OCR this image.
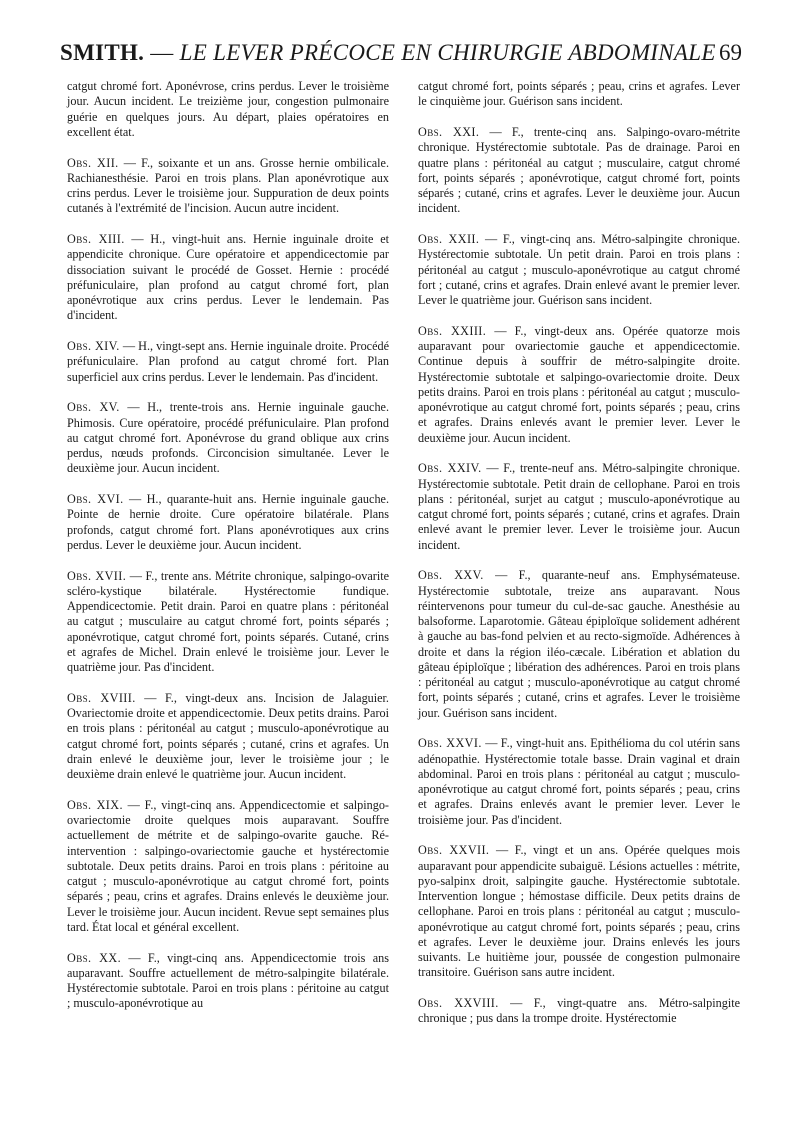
SMITH. — LE LEVER PRÉCOCE EN CHIRURGIE ABDOMINALE 69

catgut chromé fort. Aponévrose, crins perdus. Lever le troisième jour. Aucun incident. Le treizième jour, congestion pulmonaire guérie en quelques jours. Au départ, plaies opératoires en excellent état.

Obs. XII. — F., soixante et un ans. Grosse hernie ombilicale. Rachianesthésie. Paroi en trois plans. Plan aponévrotique aux crins perdus. Lever le troisième jour. Suppuration de deux points cutanés à l'extrémité de l'incision. Aucun autre incident.

Obs. XIII. — H., vingt-huit ans. Hernie inguinale droite et appendicite chronique. Cure opératoire et appendicectomie par dissociation suivant le procédé de Gosset. Hernie : procédé préfuniculaire, plan profond au catgut chromé fort, plan aponévrotique aux crins perdus. Lever le lendemain. Pas d'incident.

Obs. XIV. — H., vingt-sept ans. Hernie inguinale droite. Procédé préfuniculaire. Plan profond au catgut chromé fort. Plan superficiel aux crins perdus. Lever le lendemain. Pas d'incident.

Obs. XV. — H., trente-trois ans. Hernie inguinale gauche. Phimosis. Cure opératoire, procédé préfuniculaire. Plan profond au catgut chromé fort. Aponévrose du grand oblique aux crins perdus, nœuds profonds. Circoncision simultanée. Lever le deuxième jour. Aucun incident.

Obs. XVI. — H., quarante-huit ans. Hernie inguinale gauche. Pointe de hernie droite. Cure opératoire bilatérale. Plans profonds, catgut chromé fort. Plans aponévrotiques aux crins perdus. Lever le deuxième jour. Aucun incident.

Obs. XVII. — F., trente ans. Métrite chronique, salpingo-ovarite scléro-kystique bilatérale. Hystérectomie fundique. Appendicectomie. Petit drain. Paroi en quatre plans : péritonéal au catgut ; musculaire au catgut chromé fort, points séparés ; aponévrotique, catgut chromé fort, points séparés. Cutané, crins et agrafes de Michel. Drain enlevé le troisième jour. Lever le quatrième jour. Pas d'incident.

Obs. XVIII. — F., vingt-deux ans. Incision de Jalaguier. Ovariectomie droite et appendicectomie. Deux petits drains. Paroi en trois plans : péritonéal au catgut ; musculo-aponévrotique au catgut chromé fort, points séparés ; cutané, crins et agrafes. Un drain enlevé le deuxième jour, lever le troisième jour ; le deuxième drain enlevé le quatrième jour. Aucun incident.

Obs. XIX. — F., vingt-cinq ans. Appendicectomie et salpingo-ovariectomie droite quelques mois auparavant. Souffre actuellement de métrite et de salpingo-ovarite gauche. Ré-intervention : salpingo-ovariectomie gauche et hystérectomie subtotale. Deux petits drains. Paroi en trois plans : péritoine au catgut ; musculo-aponévrotique au catgut chromé fort, points séparés ; peau, crins et agrafes. Drains enlevés le deuxième jour. Lever le troisième jour. Aucun incident. Revue sept semaines plus tard. État local et général excellent.

Obs. XX. — F., vingt-cinq ans. Appendicectomie trois ans auparavant. Souffre actuellement de métro-salpingite bilatérale. Hystérectomie subtotale. Paroi en trois plans : péritoine au catgut ; musculo-aponévrotique au

catgut chromé fort, points séparés ; peau, crins et agrafes. Lever le cinquième jour. Guérison sans incident.

Obs. XXI. — F., trente-cinq ans. Salpingo-ovaro-métrite chronique. Hystérectomie subtotale. Pas de drainage. Paroi en quatre plans : péritonéal au catgut ; musculaire, catgut chromé fort, points séparés ; aponévrotique, catgut chromé fort, points séparés ; cutané, crins et agrafes. Lever le deuxième jour. Aucun incident.

Obs. XXII. — F., vingt-cinq ans. Métro-salpingite chronique. Hystérectomie subtotale. Un petit drain. Paroi en trois plans : péritonéal au catgut ; musculo-aponévrotique au catgut chromé fort ; cutané, crins et agrafes. Drain enlevé avant le premier lever. Lever le quatrième jour. Guérison sans incident.

Obs. XXIII. — F., vingt-deux ans. Opérée quatorze mois auparavant pour ovariectomie gauche et appendicectomie. Continue depuis à souffrir de métro-salpingite droite. Hystérectomie subtotale et salpingo-ovariectomie droite. Deux petits drains. Paroi en trois plans : péritonéal au catgut ; musculo-aponévrotique au catgut chromé fort, points séparés ; peau, crins et agrafes. Drains enlevés avant le premier lever. Lever le deuxième jour. Aucun incident.

Obs. XXIV. — F., trente-neuf ans. Métro-salpingite chronique. Hystérectomie subtotale. Petit drain de cellophane. Paroi en trois plans : péritonéal, surjet au catgut ; musculo-aponévrotique au catgut chromé fort, points séparés ; cutané, crins et agrafes. Drain enlevé avant le premier lever. Lever le troisième jour. Aucun incident.

Obs. XXV. — F., quarante-neuf ans. Emphysémateuse. Hystérectomie subtotale, treize ans auparavant. Nous réintervenons pour tumeur du cul-de-sac gauche. Anesthésie au balsoforme. Laparotomie. Gâteau épiploïque solidement adhérent à gauche au bas-fond pelvien et au recto-sigmoïde. Adhérences à droite et dans la région iléo-cæcale. Libération et ablation du gâteau épiploïque ; libération des adhérences. Paroi en trois plans : péritonéal au catgut ; musculo-aponévrotique au catgut chromé fort, points séparés ; cutané, crins et agrafes. Lever le troisième jour. Guérison sans incident.

Obs. XXVI. — F., vingt-huit ans. Epithélioma du col utérin sans adénopathie. Hystérectomie totale basse. Drain vaginal et drain abdominal. Paroi en trois plans : péritonéal au catgut ; musculo-aponévrotique au catgut chromé fort, points séparés ; peau, crins et agrafes. Drains enlevés avant le premier lever. Lever le troisième jour. Pas d'incident.

Obs. XXVII. — F., vingt et un ans. Opérée quelques mois auparavant pour appendicite subaiguë. Lésions actuelles : métrite, pyo-salpinx droit, salpingite gauche. Hystérectomie subtotale. Intervention longue ; hémostase difficile. Deux petits drains de cellophane. Paroi en trois plans : péritonéal au catgut ; musculo-aponévrotique au catgut chromé fort, points séparés ; peau, crins et agrafes. Lever le deuxième jour. Drains enlevés les jours suivants. Le huitième jour, poussée de congestion pulmonaire transitoire. Guérison sans autre incident.

Obs. XXVIII. — F., vingt-quatre ans. Métro-salpingite chronique ; pus dans la trompe droite. Hystérectomie
